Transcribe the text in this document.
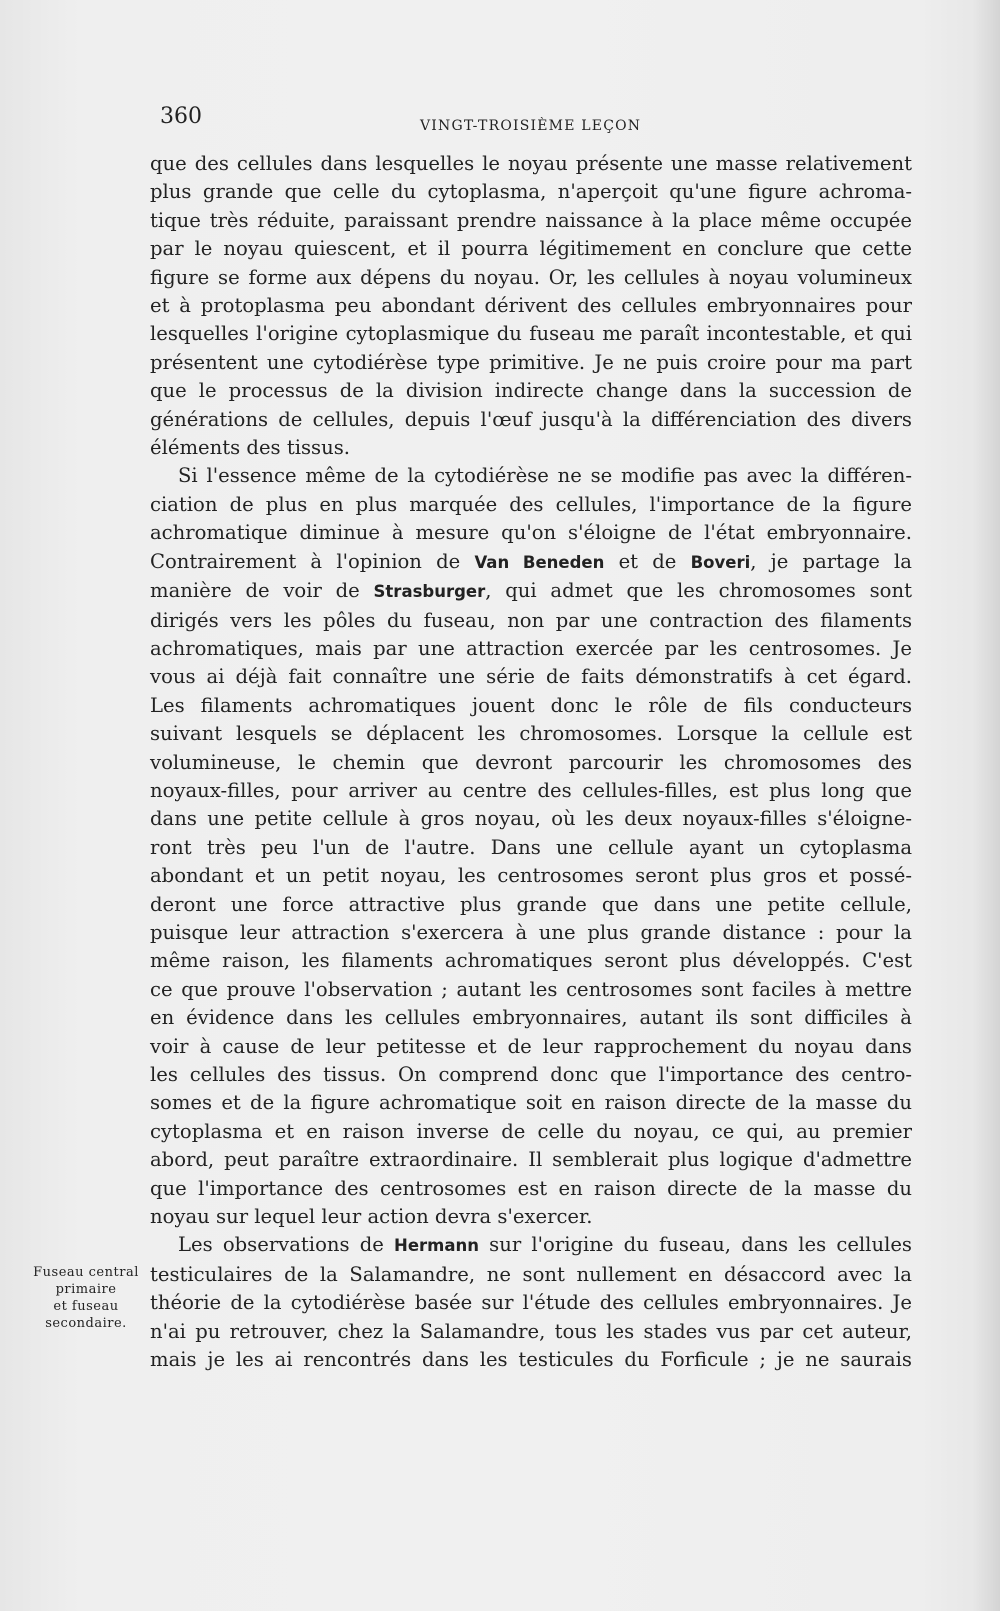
360	VINGT-TROISIÈME LEÇON
Fuseau central
primaire
et fuseau
secondaire.

que des cellules dans lesquelles le noyau présente une masse relativement

plus grande que celle du cytoplasma, n'aperçoit qu'une figure achroma-

tique très réduite, paraissant prendre naissance à la place même occupée

par le noyau quiescent, et il pourra légitimement en conclure que cette

figure se forme aux dépens du noyau. Or, les cellules à noyau volumineux

et à protoplasma peu abondant dérivent des cellules embryonnaires pour

lesquelles l'origine cytoplasmique du fuseau me paraît incontestable, et qui

présentent une cytodiérèse type primitive. Je ne puis croire pour ma part

que le processus de la division indirecte change dans la succession de

générations de cellules, depuis l'œuf jusqu'à la différenciation des divers

éléments des tissus.

Si l'essence même de la cytodiérèse ne se modifie pas avec la différen-

ciation de plus en plus marquée des cellules, l'importance de la figure

achromatique diminue à mesure qu'on s'éloigne de l'état embryonnaire.

Contrairement à l'opinion de Van Beneden et de Boveri, je partage la

manière de voir de Strasburger, qui admet que les chromosomes sont

dirigés vers les pôles du fuseau, non par une contraction des filaments

achromatiques, mais par une attraction exercée par les centrosomes. Je

vous ai déjà fait connaître une série de faits démonstratifs à cet égard.

Les filaments achromatiques jouent donc le rôle de fils conducteurs

suivant lesquels se déplacent les chromosomes. Lorsque la cellule est

volumineuse, le chemin que devront parcourir les chromosomes des

noyaux-filles, pour arriver au centre des cellules-filles, est plus long que

dans une petite cellule à gros noyau, où les deux noyaux-filles s'éloigne-

ront très peu l'un de l'autre. Dans une cellule ayant un cytoplasma

abondant et un petit noyau, les centrosomes seront plus gros et possé-

deront une force attractive plus grande que dans une petite cellule,

puisque leur attraction s'exercera à une plus grande distance : pour la

même raison, les filaments achromatiques seront plus développés. C'est

ce que prouve l'observation ; autant les centrosomes sont faciles à mettre

en évidence dans les cellules embryonnaires, autant ils sont difficiles à

voir à cause de leur petitesse et de leur rapprochement du noyau dans

les cellules des tissus. On comprend donc que l'importance des centro-

somes et de la figure achromatique soit en raison directe de la masse du

cytoplasma et en raison inverse de celle du noyau, ce qui, au premier

abord, peut paraître extraordinaire. Il semblerait plus logique d'admettre

que l'importance des centrosomes est en raison directe de la masse du

noyau sur lequel leur action devra s'exercer.

Les observations de Hermann sur l'origine du fuseau, dans les cellules

testiculaires de la Salamandre, ne sont nullement en désaccord avec la

théorie de la cytodiérèse basée sur l'étude des cellules embryonnaires. Je

n'ai pu retrouver, chez la Salamandre, tous les stades vus par cet auteur,

mais je les ai rencontrés dans les testicules du Forficule ; je ne saurais
